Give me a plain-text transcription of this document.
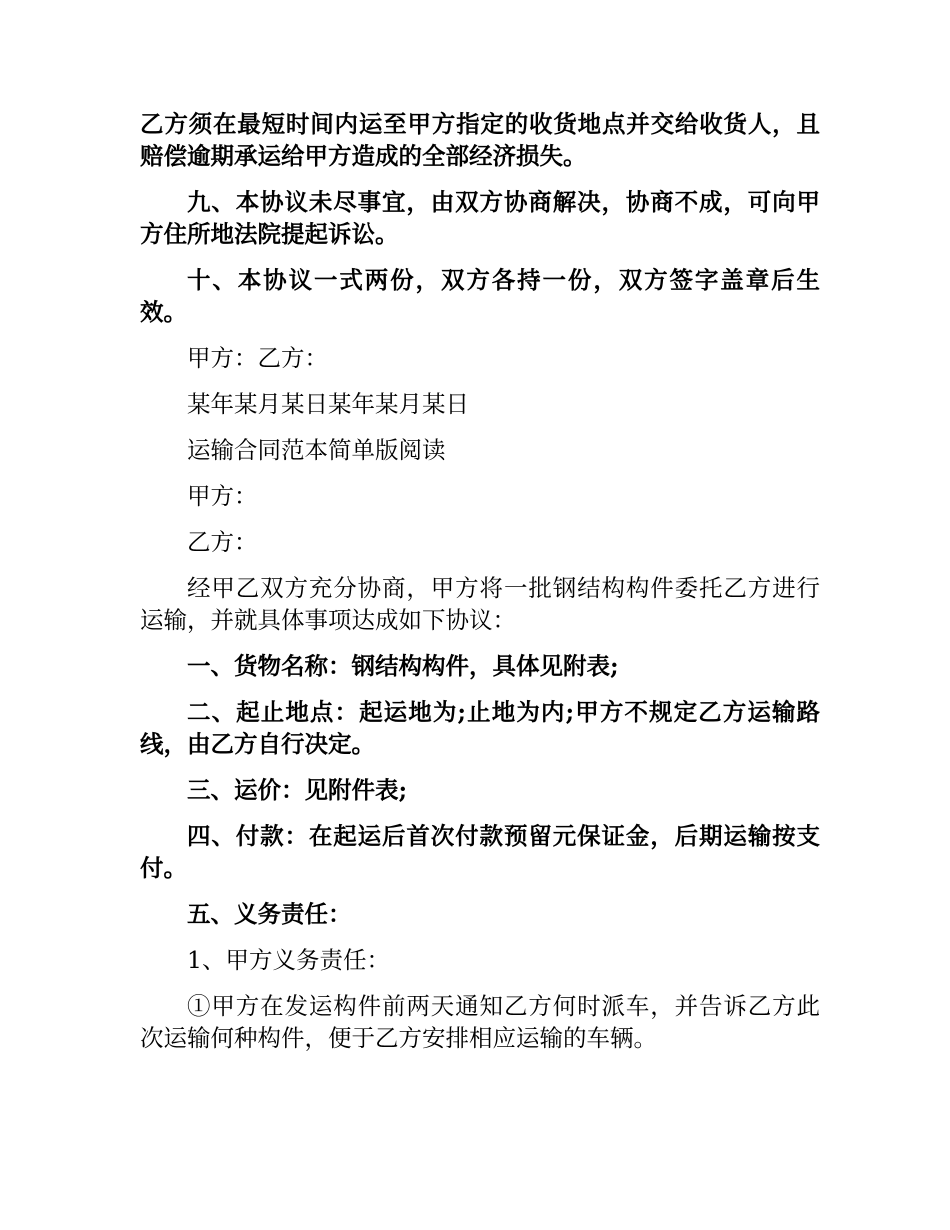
乙方须在最短时间内运至甲方指定的收货地点并交给收货人，且赔偿逾期承运给甲方造成的全部经济损失。

九、本协议未尽事宜，由双方协商解决，协商不成，可向甲方住所地法院提起诉讼。

十、本协议一式两份，双方各持一份，双方签字盖章后生效。

甲方：乙方：

某年某月某日某年某月某日

运输合同范本简单版阅读

甲方：

乙方：

经甲乙双方充分协商，甲方将一批钢结构构件委托乙方进行运输，并就具体事项达成如下协议：

一、货物名称：钢结构构件，具体见附表;

二、起止地点：起运地为;止地为内;甲方不规定乙方运输路线，由乙方自行决定。

三、运价：见附件表;

四、付款：在起运后首次付款预留元保证金，后期运输按支付。

五、义务责任：

1、甲方义务责任：

①甲方在发运构件前两天通知乙方何时派车，并告诉乙方此次运输何种构件，便于乙方安排相应运输的车辆。
